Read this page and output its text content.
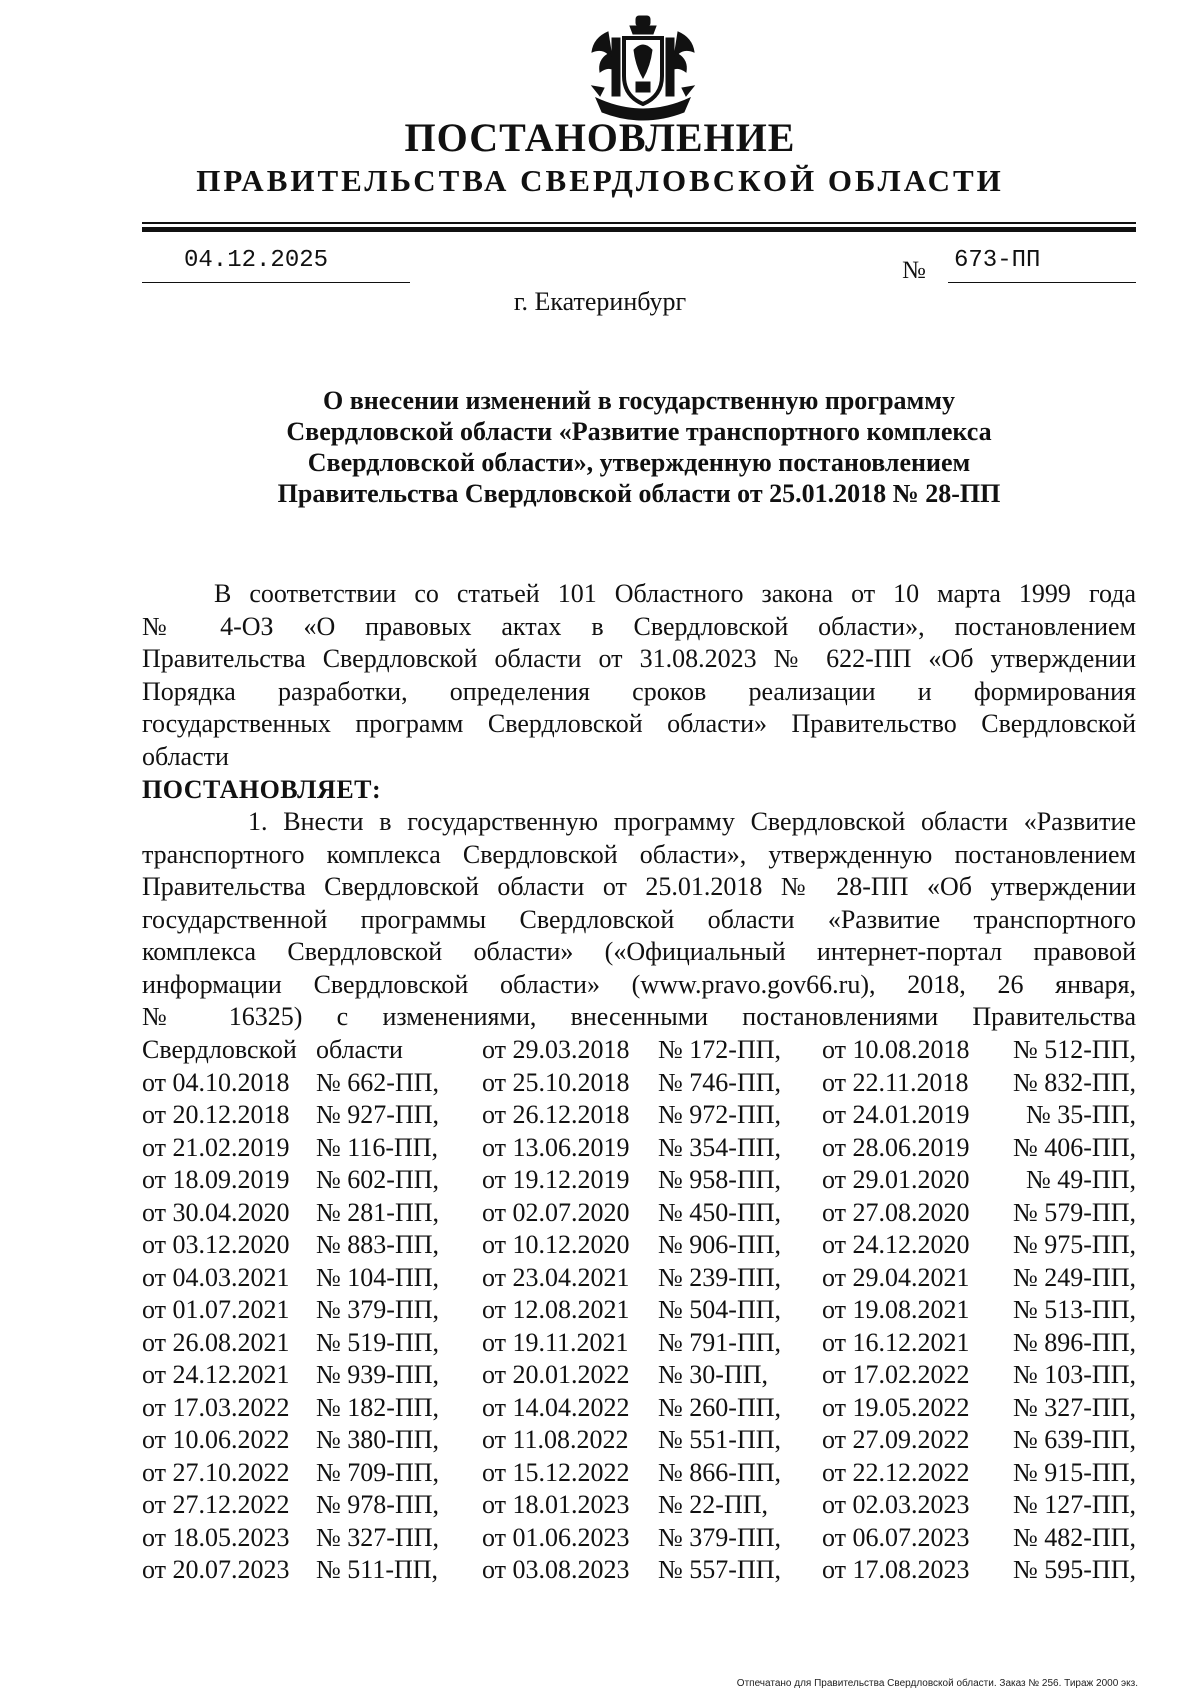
ПОСТАНОВЛЕНИЕ
ПРАВИТЕЛЬСТВА СВЕРДЛОВСКОЙ ОБЛАСТИ
04.12.2025	№ 673-ПП
г. Екатеринбург
О внесении изменений в государственную программу
Свердловской области «Развитие транспортного комплекса
Свердловской области», утвержденную постановлением
Правительства Свердловской области от 25.01.2018 № 28-ПП
В соответствии со статьей 101 Областного закона от 10 марта 1999 года
№ 4-ОЗ «О правовых актах в Свердловской области», постановлением
Правительства Свердловской области от 31.08.2023 № 622-ПП «Об утверждении
Порядка разработки, определения сроков реализации и формирования
государственных программ Свердловской области» Правительство Свердловской
области
ПОСТАНОВЛЯЕТ:
1. Внести в государственную программу Свердловской области «Развитие
транспортного комплекса Свердловской области», утвержденную постановлением
Правительства Свердловской области от 25.01.2018 № 28-ПП «Об утверждении
государственной программы Свердловской области «Развитие транспортного
комплекса Свердловской области» («Официальный интернет-портал правовой
информации Свердловской области» (www.pravo.gov66.ru), 2018, 26 января,
№ 16325) с изменениями, внесенными постановлениями Правительства
Свердловской области	от 29.03.2018 № 172-ПП, от 10.08.2018 № 512-ПП,
от 04.10.2018 № 662-ПП, от 25.10.2018 № 746-ПП, от 22.11.2018 № 832-ПП,
от 20.12.2018 № 927-ПП, от 26.12.2018 № 972-ПП, от 24.01.2019 № 35-ПП,
от 21.02.2019 № 116-ПП, от 13.06.2019 № 354-ПП, от 28.06.2019 № 406-ПП,
от 18.09.2019 № 602-ПП, от 19.12.2019 № 958-ПП, от 29.01.2020 № 49-ПП,
от 30.04.2020 № 281-ПП, от 02.07.2020 № 450-ПП, от 27.08.2020 № 579-ПП,
от 03.12.2020 № 883-ПП, от 10.12.2020 № 906-ПП, от 24.12.2020 № 975-ПП,
от 04.03.2021 № 104-ПП, от 23.04.2021 № 239-ПП, от 29.04.2021 № 249-ПП,
от 01.07.2021 № 379-ПП, от 12.08.2021 № 504-ПП, от 19.08.2021 № 513-ПП,
от 26.08.2021 № 519-ПП, от 19.11.2021 № 791-ПП, от 16.12.2021 № 896-ПП,
от 24.12.2021 № 939-ПП, от 20.01.2022 № 30-ПП, от 17.02.2022 № 103-ПП,
от 17.03.2022 № 182-ПП, от 14.04.2022 № 260-ПП, от 19.05.2022 № 327-ПП,
от 10.06.2022 № 380-ПП, от 11.08.2022 № 551-ПП, от 27.09.2022 № 639-ПП,
от 27.10.2022 № 709-ПП, от 15.12.2022 № 866-ПП, от 22.12.2022 № 915-ПП,
от 27.12.2022 № 978-ПП, от 18.01.2023 № 22-ПП, от 02.03.2023 № 127-ПП,
от 18.05.2023 № 327-ПП, от 01.06.2023 № 379-ПП, от 06.07.2023 № 482-ПП,
от 20.07.2023 № 511-ПП, от 03.08.2023 № 557-ПП, от 17.08.2023 № 595-ПП,
Отпечатано для Правительства Свердловской области. Заказ № 256. Тираж 2000 экз.
